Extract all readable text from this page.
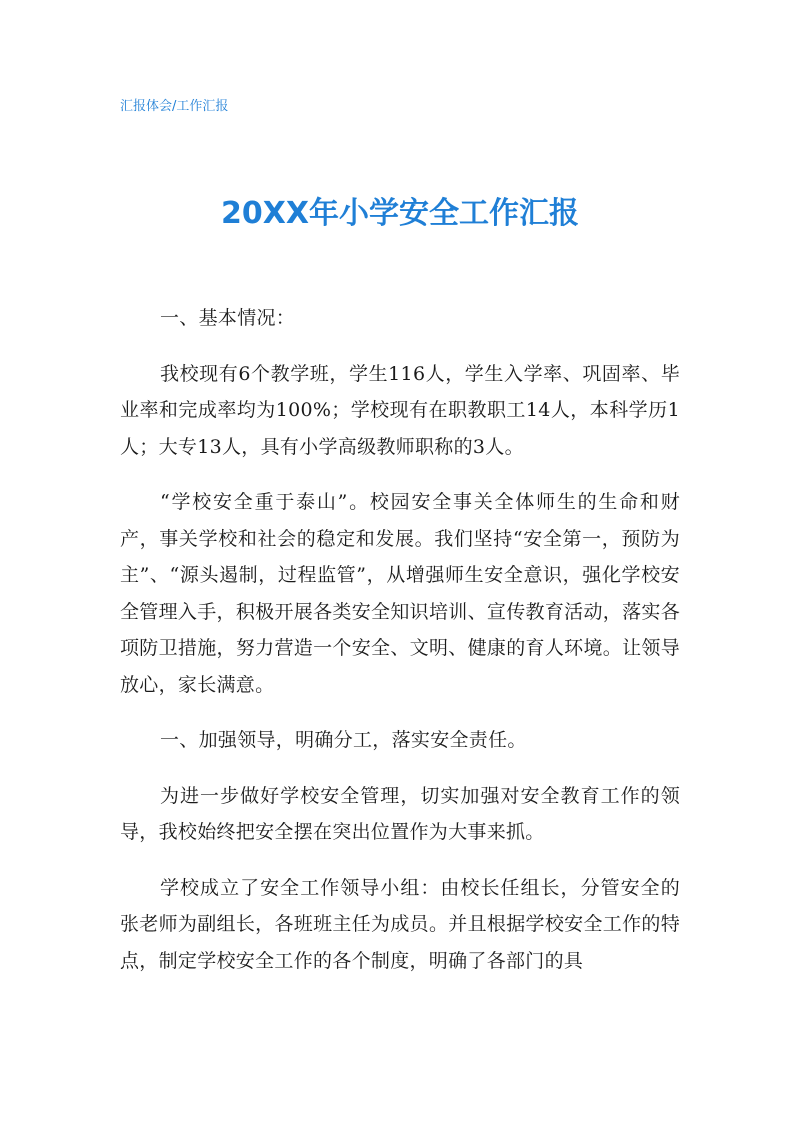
汇报体会/工作汇报
20XX年小学安全工作汇报

一、基本情况：

我校现有6个教学班，学生116人，学生入学率、巩固率、毕业率和完成率均为100%；学校现有在职教职工14人，本科学历1人；大专13人，具有小学高级教师职称的3人。

“学校安全重于泰山”。校园安全事关全体师生的生命和财产，事关学校和社会的稳定和发展。我们坚持“安全第一，预防为主”、“源头遏制，过程监管”，从增强师生安全意识，强化学校安全管理入手，积极开展各类安全知识培训、宣传教育活动，落实各项防卫措施，努力营造一个安全、文明、健康的育人环境。让领导放心，家长满意。

一、加强领导，明确分工，落实安全责任。

为进一步做好学校安全管理，切实加强对安全教育工作的领导，我校始终把安全摆在突出位置作为大事来抓。

学校成立了安全工作领导小组：由校长任组长，分管安全的张老师为副组长，各班班主任为成员。并且根据学校安全工作的特点，制定学校安全工作的各个制度，明确了各部门的具
